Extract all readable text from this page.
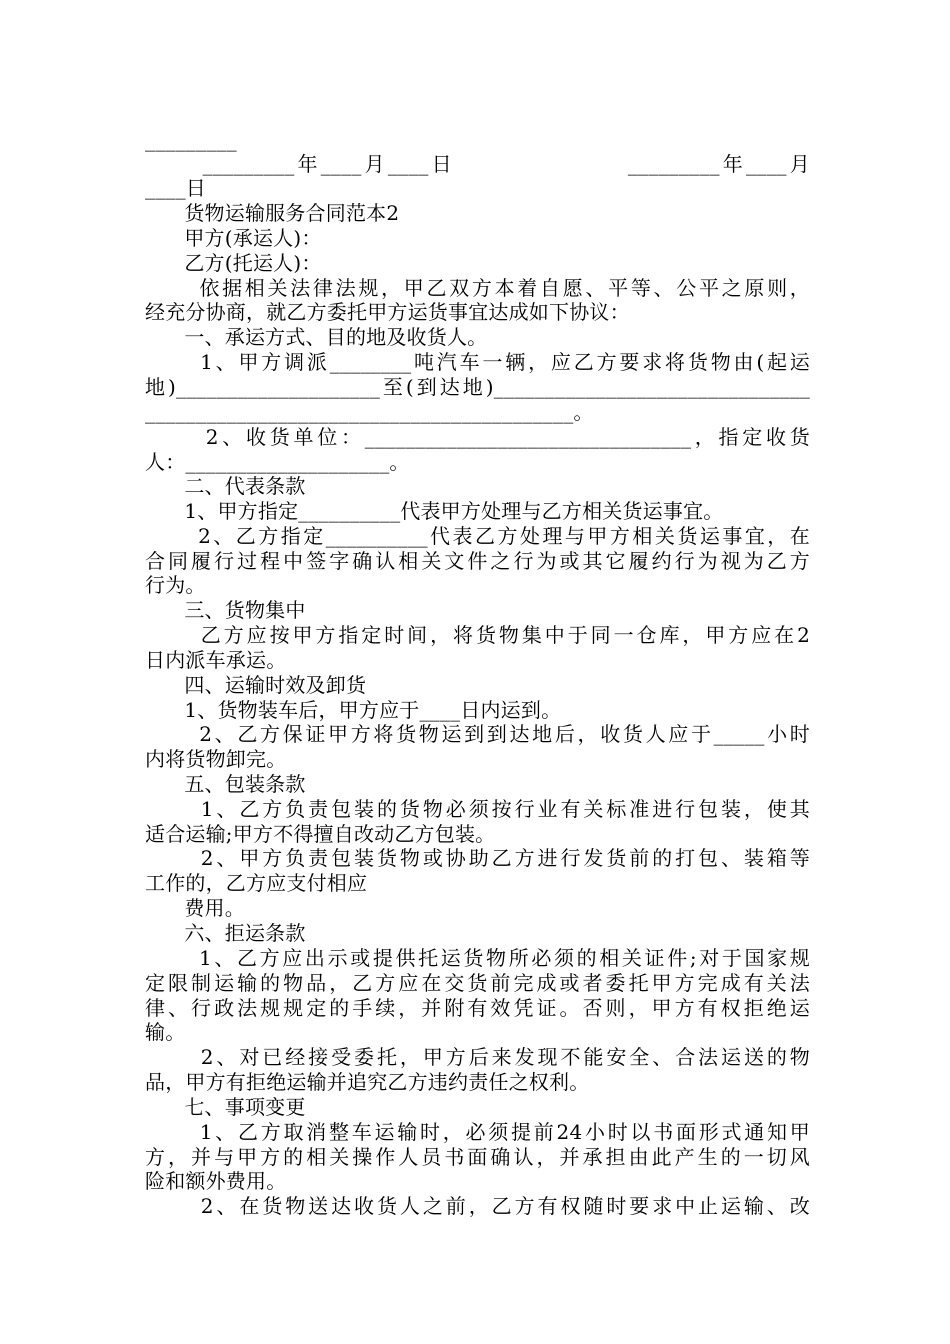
_________
_________年____月____日                  _________年____月
____日
货物运输服务合同范本2
甲方(承运人)：
乙方(托运人)：
依据相关法律法规，甲乙双方本着自愿、平等、公平之原则，
经充分协商，就乙方委托甲方运货事宜达成如下协议：
一、承运方式、目的地及收货人。
1、甲方调派________吨汽车一辆，应乙方要求将货物由(起运
地)____________________至(到达地)_______________________________
__________________________________________。
2、收货单位：________________________________，指定收货
人：____________________。
二、代表条款
1、甲方指定__________代表甲方处理与乙方相关货运事宜。
2、乙方指定__________代表乙方处理与甲方相关货运事宜，在
合同履行过程中签字确认相关文件之行为或其它履约行为视为乙方
行为。
三、货物集中
乙方应按甲方指定时间，将货物集中于同一仓库，甲方应在2
日内派车承运。
四、运输时效及卸货
1、货物装车后，甲方应于____日内运到。
2、乙方保证甲方将货物运到到达地后，收货人应于_____小时
内将货物卸完。
五、包装条款
1、乙方负责包装的货物必须按行业有关标准进行包装，使其
适合运输;甲方不得擅自改动乙方包装。
2、甲方负责包装货物或协助乙方进行发货前的打包、装箱等
工作的，乙方应支付相应
费用。
六、拒运条款
1、乙方应出示或提供托运货物所必须的相关证件;对于国家规
定限制运输的物品，乙方应在交货前完成或者委托甲方完成有关法
律、行政法规规定的手续，并附有效凭证。否则，甲方有权拒绝运
输。
2、对已经接受委托，甲方后来发现不能安全、合法运送的物
品，甲方有拒绝运输并追究乙方违约责任之权利。
七、事项变更
1、乙方取消整车运输时，必须提前24小时以书面形式通知甲
方，并与甲方的相关操作人员书面确认，并承担由此产生的一切风
险和额外费用。
2、在货物送达收货人之前，乙方有权随时要求中止运输、改
